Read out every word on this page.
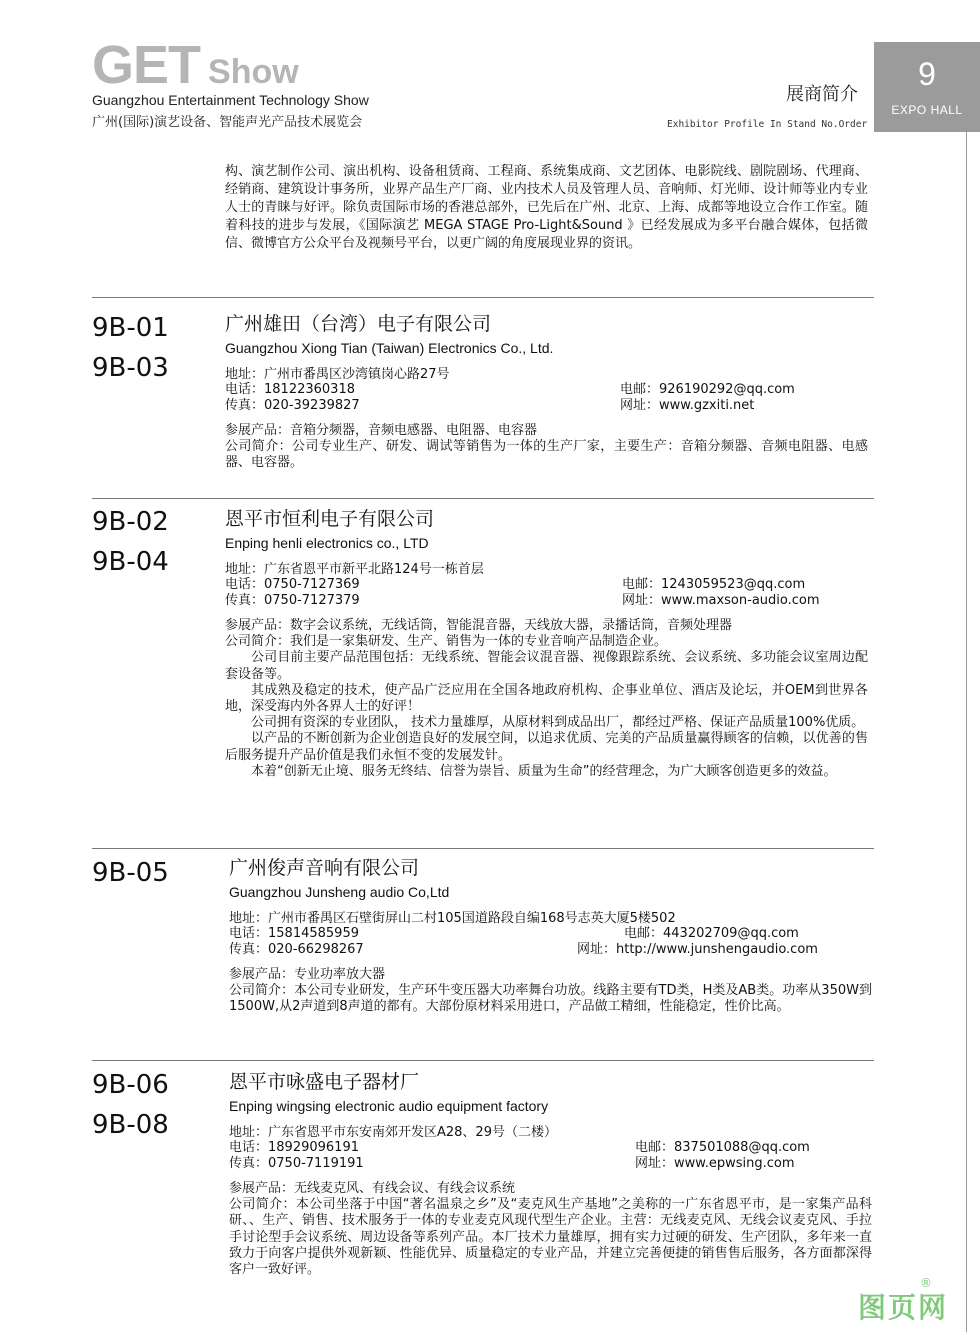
GET Show
Guangzhou Entertainment Technology Show
广州(国际)演艺设备、智能声光产品技术展览会
展商简介
Exhibitor Profile In Stand No.Order
9
EXPO HALL

构、演艺制作公司、演出机构、设备租赁商、工程商、系统集成商、文艺团体、电影院线、剧院剧场、代理商、经销商、建筑设计事务所，业界产品生产厂商、业内技术人员及管理人员、音响师、灯光师、设计师等业内专业人士的青睐与好评。除负责国际市场的香港总部外，已先后在广州、北京、上海、成都等地设立合作工作室。随着科技的进步与发展，《国际演艺 MEGA STAGE Pro-Light&Sound 》已经发展成为多平台融合媒体，包括微信、微博官方公众平台及视频号平台，以更广阔的角度展现业界的资讯。

9B-01
9B-03
广州雄田（台湾）电子有限公司
Guangzhou Xiong Tian (Taiwan) Electronics Co., Ltd.
地址：广州市番禺区沙湾镇岗心路27号
电话：18122360318
传真：020-39239827
电邮：926190292@qq.com
网址：www.gzxiti.net

参展产品：音箱分频器，音频电感器、电阻器、电容器

公司简介：公司专业生产、研发、调试等销售为一体的生产厂家，主要生产：音箱分频器、音频电阻器、电感器、电容器。

9B-02
9B-04
恩平市恒利电子有限公司
Enping henli electronics co., LTD
地址：广东省恩平市新平北路124号一栋首层
电话：0750-7127369
传真：0750-7127379
电邮：1243059523@qq.com
网址：www.maxson-audio.com

参展产品：数字会议系统，无线话筒，智能混音器，天线放大器，录播话筒，音频处理器

公司简介：我们是一家集研发、生产、销售为一体的专业音响产品制造企业。

公司目前主要产品范围包括：无线系统、智能会议混音器、视像跟踪系统、会议系统、多功能会议室周边配套设备等。

其成熟及稳定的技术，使产品广泛应用在全国各地政府机构、企事业单位、酒店及论坛，并OEM到世界各地，深受海内外各界人士的好评！

公司拥有资深的专业团队， 技术力量雄厚，从原材料到成品出厂，都经过严格、保证产品质量100%优质。

以产品的不断创新为企业创造良好的发展空间，以追求优质、完美的产品质量赢得顾客的信赖，以优善的售后服务提升产品价值是我们永恒不变的发展发针。

本着“创新无止境、服务无终结、信誉为崇旨、质量为生命”的经营理念，为广大顾客创造更多的效益。

9B-05	广州俊声音响有限公司
Guangzhou Junsheng audio Co,Ltd
地址：广州市番禺区石壁街屏山二村105国道路段自编168号志英大厦5楼502
电话：15814585959
传真：020-66298267
电邮：443202709@qq.com
网址：http://www.junshengaudio.com

参展产品：专业功率放大器

公司简介：本公司专业研发，生产环牛变压器大功率舞台功放。线路主要有TD类，H类及AB类。功率从350W到1500W,从2声道到8声道的都有。大部份原材料采用进口，产品做工精细，性能稳定，性价比高。

9B-06
9B-08
恩平市咏盛电子器材厂
Enping wingsing electronic audio equipment factory
地址：广东省恩平市东安南郊开发区A28、29号（二楼）
电话：18929096191
传真：0750-7119191
电邮：837501088@qq.com
网址：www.epwsing.com

参展产品：无线麦克风、有线会议、有线会议系统

公司简介：本公司坐落于中国“著名温泉之乡”及“麦克风生产基地”之美称的一广东省恩平市，是一家集产品科研、、生产、销售、技术服务于一体的专业麦克风现代型生产企业。主营：无线麦克风、无线会议麦克风、手拉手讨论型手会议系统、周边设备等系列产品。本厂技术力量雄厚，拥有实力过硬的研发、生产团队，多年来一直致力于向客户提供外观新颖、性能优异、质量稳定的专业产品，并建立完善便捷的销售售后服务，各方面都深得客户一致好评。

图页网
®
